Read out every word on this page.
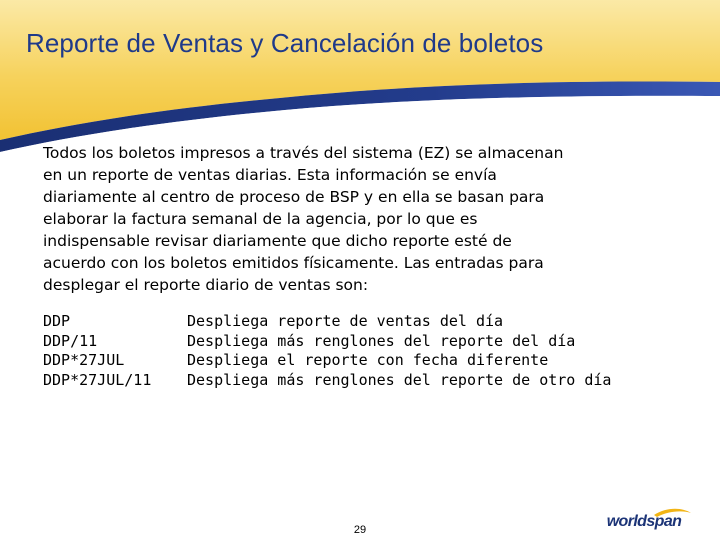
Reporte de Ventas y Cancelación de boletos
Todos los boletos impresos a través del sistema (EZ) se almacenan
en un reporte de ventas diarias. Esta información se envía
diariamente al centro de proceso de BSP y en ella se basan para
elaborar la factura semanal de la agencia, por lo que es
indispensable revisar diariamente que dicho reporte esté de
acuerdo con los boletos emitidos físicamente. Las entradas para
desplegar el reporte diario de ventas son:
DDP	Despliega reporte de ventas del día
DDP/11	Despliega más renglones del reporte del día
DDP*27JUL	Despliega el reporte con fecha diferente
DDP*27JUL/11	Despliega más renglones del reporte de otro día
29	worldspan
